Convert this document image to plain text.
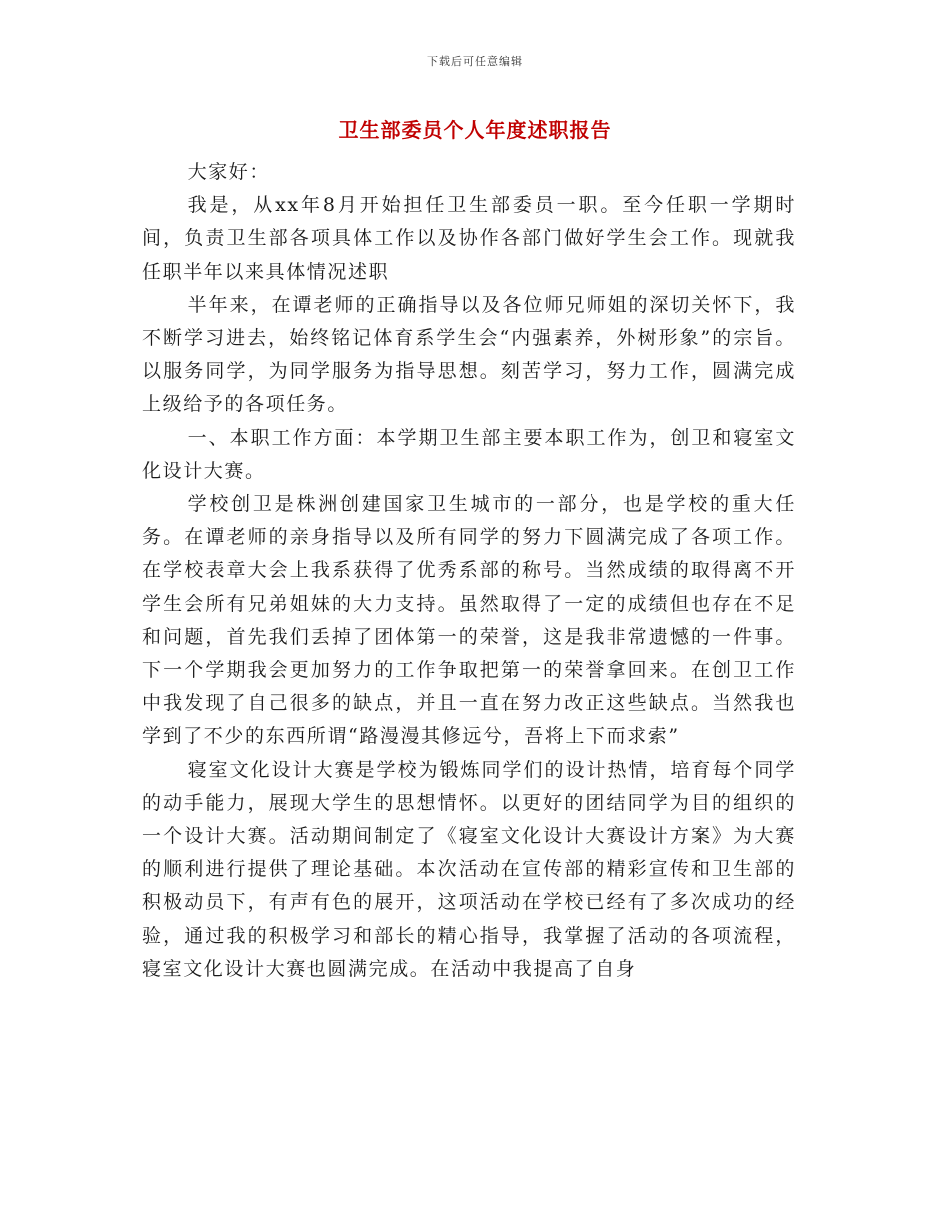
下载后可任意编辑
卫生部委员个人年度述职报告

大家好：

我是，从xx年8月开始担任卫生部委员一职。至今任职一学期时间，负责卫生部各项具体工作以及协作各部门做好学生会工作。现就我任职半年以来具体情况述职

半年来，在谭老师的正确指导以及各位师兄师姐的深切关怀下，我不断学习进去，始终铭记体育系学生会“内强素养，外树形象”的宗旨。以服务同学，为同学服务为指导思想。刻苦学习，努力工作，圆满完成上级给予的各项任务。

一、本职工作方面：本学期卫生部主要本职工作为，创卫和寝室文化设计大赛。

学校创卫是株洲创建国家卫生城市的一部分，也是学校的重大任务。在谭老师的亲身指导以及所有同学的努力下圆满完成了各项工作。在学校表章大会上我系获得了优秀系部的称号。当然成绩的取得离不开学生会所有兄弟姐妹的大力支持。虽然取得了一定的成绩但也存在不足和问题，首先我们丢掉了团体第一的荣誉，这是我非常遗憾的一件事。下一个学期我会更加努力的工作争取把第一的荣誉拿回来。在创卫工作中我发现了自己很多的缺点，并且一直在努力改正这些缺点。当然我也学到了不少的东西所谓“路漫漫其修远兮，吾将上下而求索”

寝室文化设计大赛是学校为锻炼同学们的设计热情，培育每个同学的动手能力，展现大学生的思想情怀。以更好的团结同学为目的组织的一个设计大赛。活动期间制定了《寝室文化设计大赛设计方案》为大赛的顺利进行提供了理论基础。本次活动在宣传部的精彩宣传和卫生部的积极动员下，有声有色的展开，这项活动在学校已经有了多次成功的经验，通过我的积极学习和部长的精心指导，我掌握了活动的各项流程，寝室文化设计大赛也圆满完成。在活动中我提高了自身
